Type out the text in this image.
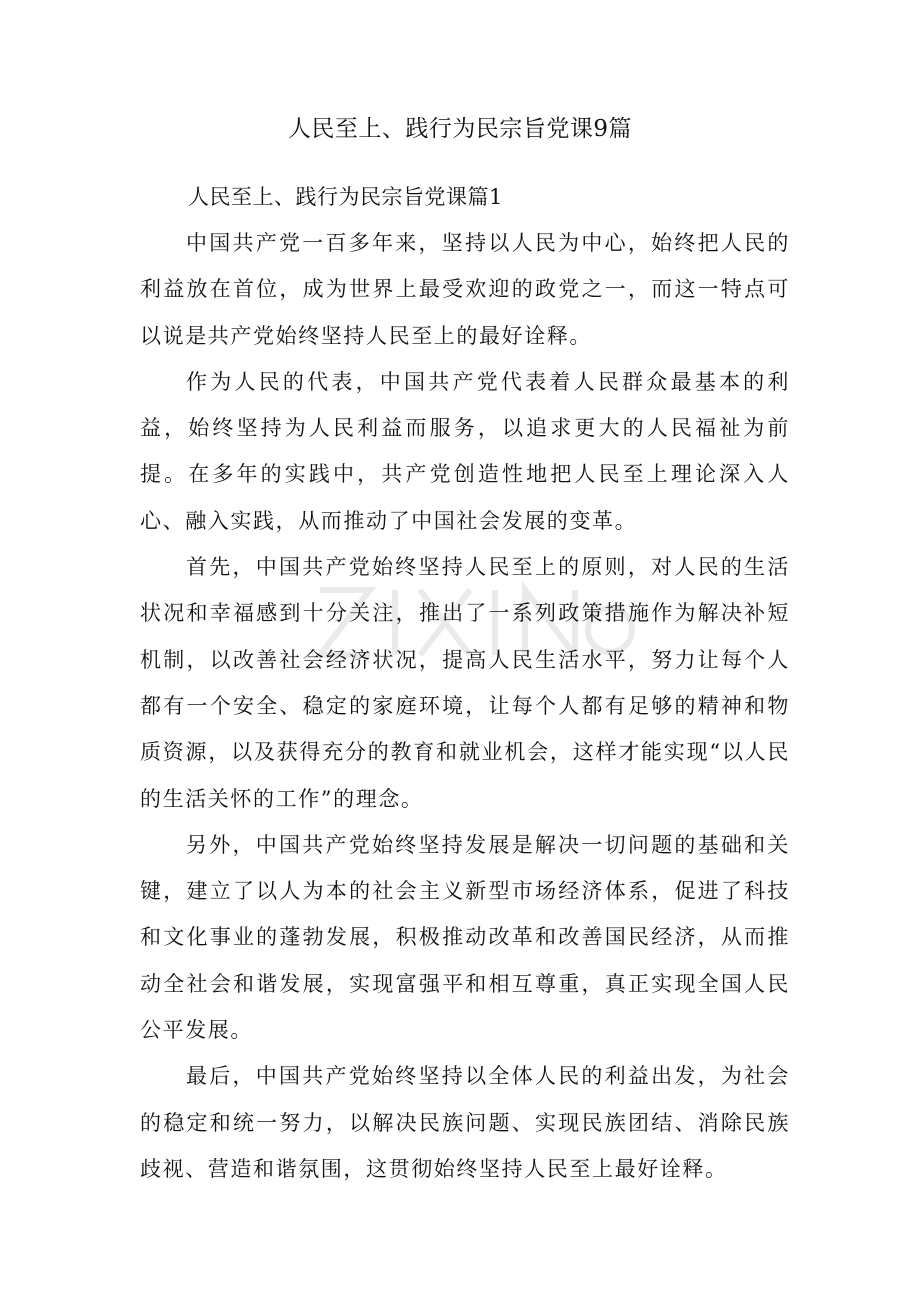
人民至上、践行为民宗旨党课9篇

人民至上、践行为民宗旨党课篇1

中国共产党一百多年来，坚持以人民为中心，始终把人民的利益放在首位，成为世界上最受欢迎的政党之一，而这一特点可以说是共产党始终坚持人民至上的最好诠释。

作为人民的代表，中国共产党代表着人民群众最基本的利益，始终坚持为人民利益而服务，以追求更大的人民福祉为前提。在多年的实践中，共产党创造性地把人民至上理论深入人心、融入实践，从而推动了中国社会发展的变革。

首先，中国共产党始终坚持人民至上的原则，对人民的生活状况和幸福感到十分关注，推出了一系列政策措施作为解决补短机制，以改善社会经济状况，提高人民生活水平，努力让每个人都有一个安全、稳定的家庭环境，让每个人都有足够的精神和物质资源，以及获得充分的教育和就业机会，这样才能实现“以人民的生活关怀的工作”的理念。

另外，中国共产党始终坚持发展是解决一切问题的基础和关键，建立了以人为本的社会主义新型市场经济体系，促进了科技和文化事业的蓬勃发展，积极推动改革和改善国民经济，从而推动全社会和谐发展，实现富强平和相互尊重，真正实现全国人民公平发展。

最后，中国共产党始终坚持以全体人民的利益出发，为社会的稳定和统一努力，以解决民族问题、实现民族团结、消除民族歧视、营造和谐氛围，这贯彻始终坚持人民至上最好诠释。
